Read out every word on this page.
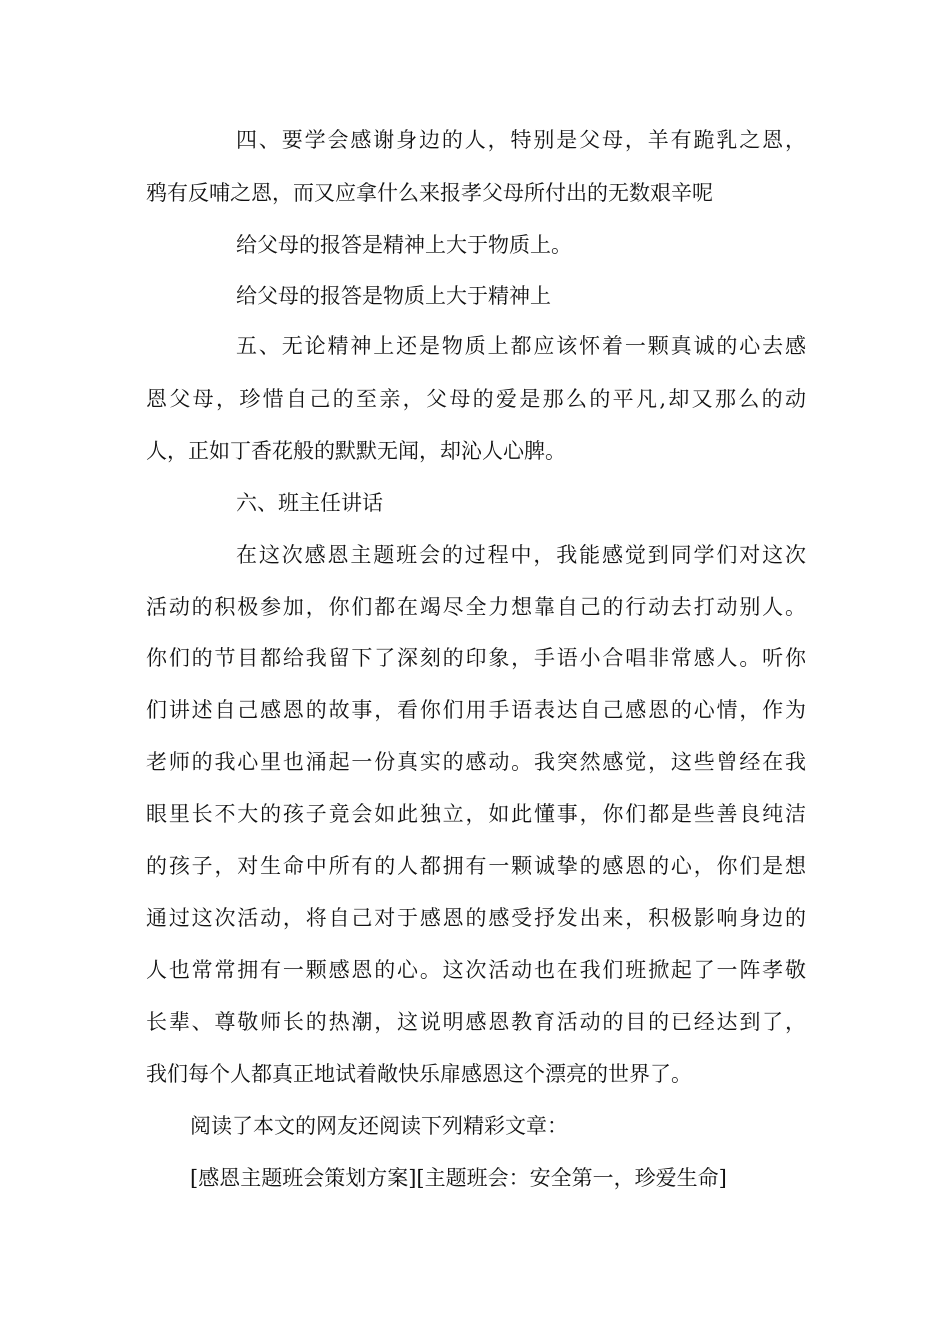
四、要学会感谢身边的人，特别是父母，羊有跪乳之恩，

鸦有反哺之恩，而又应拿什么来报孝父母所付出的无数艰辛呢

给父母的报答是精神上大于物质上。

给父母的报答是物质上大于精神上

五、无论精神上还是物质上都应该怀着一颗真诚的心去感

恩父母，珍惜自己的至亲，父母的爱是那么的平凡,却又那么的动

人，正如丁香花般的默默无闻，却沁人心脾。

六、班主任讲话

在这次感恩主题班会的过程中，我能感觉到同学们对这次

活动的积极参加，你们都在竭尽全力想靠自己的行动去打动别人。

你们的节目都给我留下了深刻的印象，手语小合唱非常感人。听你

们讲述自己感恩的故事，看你们用手语表达自己感恩的心情，作为

老师的我心里也涌起一份真实的感动。我突然感觉，这些曾经在我

眼里长不大的孩子竟会如此独立，如此懂事，你们都是些善良纯洁

的孩子，对生命中所有的人都拥有一颗诚挚的感恩的心，你们是想

通过这次活动，将自己对于感恩的感受抒发出来，积极影响身边的

人也常常拥有一颗感恩的心。这次活动也在我们班掀起了一阵孝敬

长辈、尊敬师长的热潮，这说明感恩教育活动的目的已经达到了，

我们每个人都真正地试着敞快乐扉感恩这个漂亮的世界了。

阅读了本文的网友还阅读下列精彩文章：

[感恩主题班会策划方案][主题班会：安全第一，珍爱生命]
